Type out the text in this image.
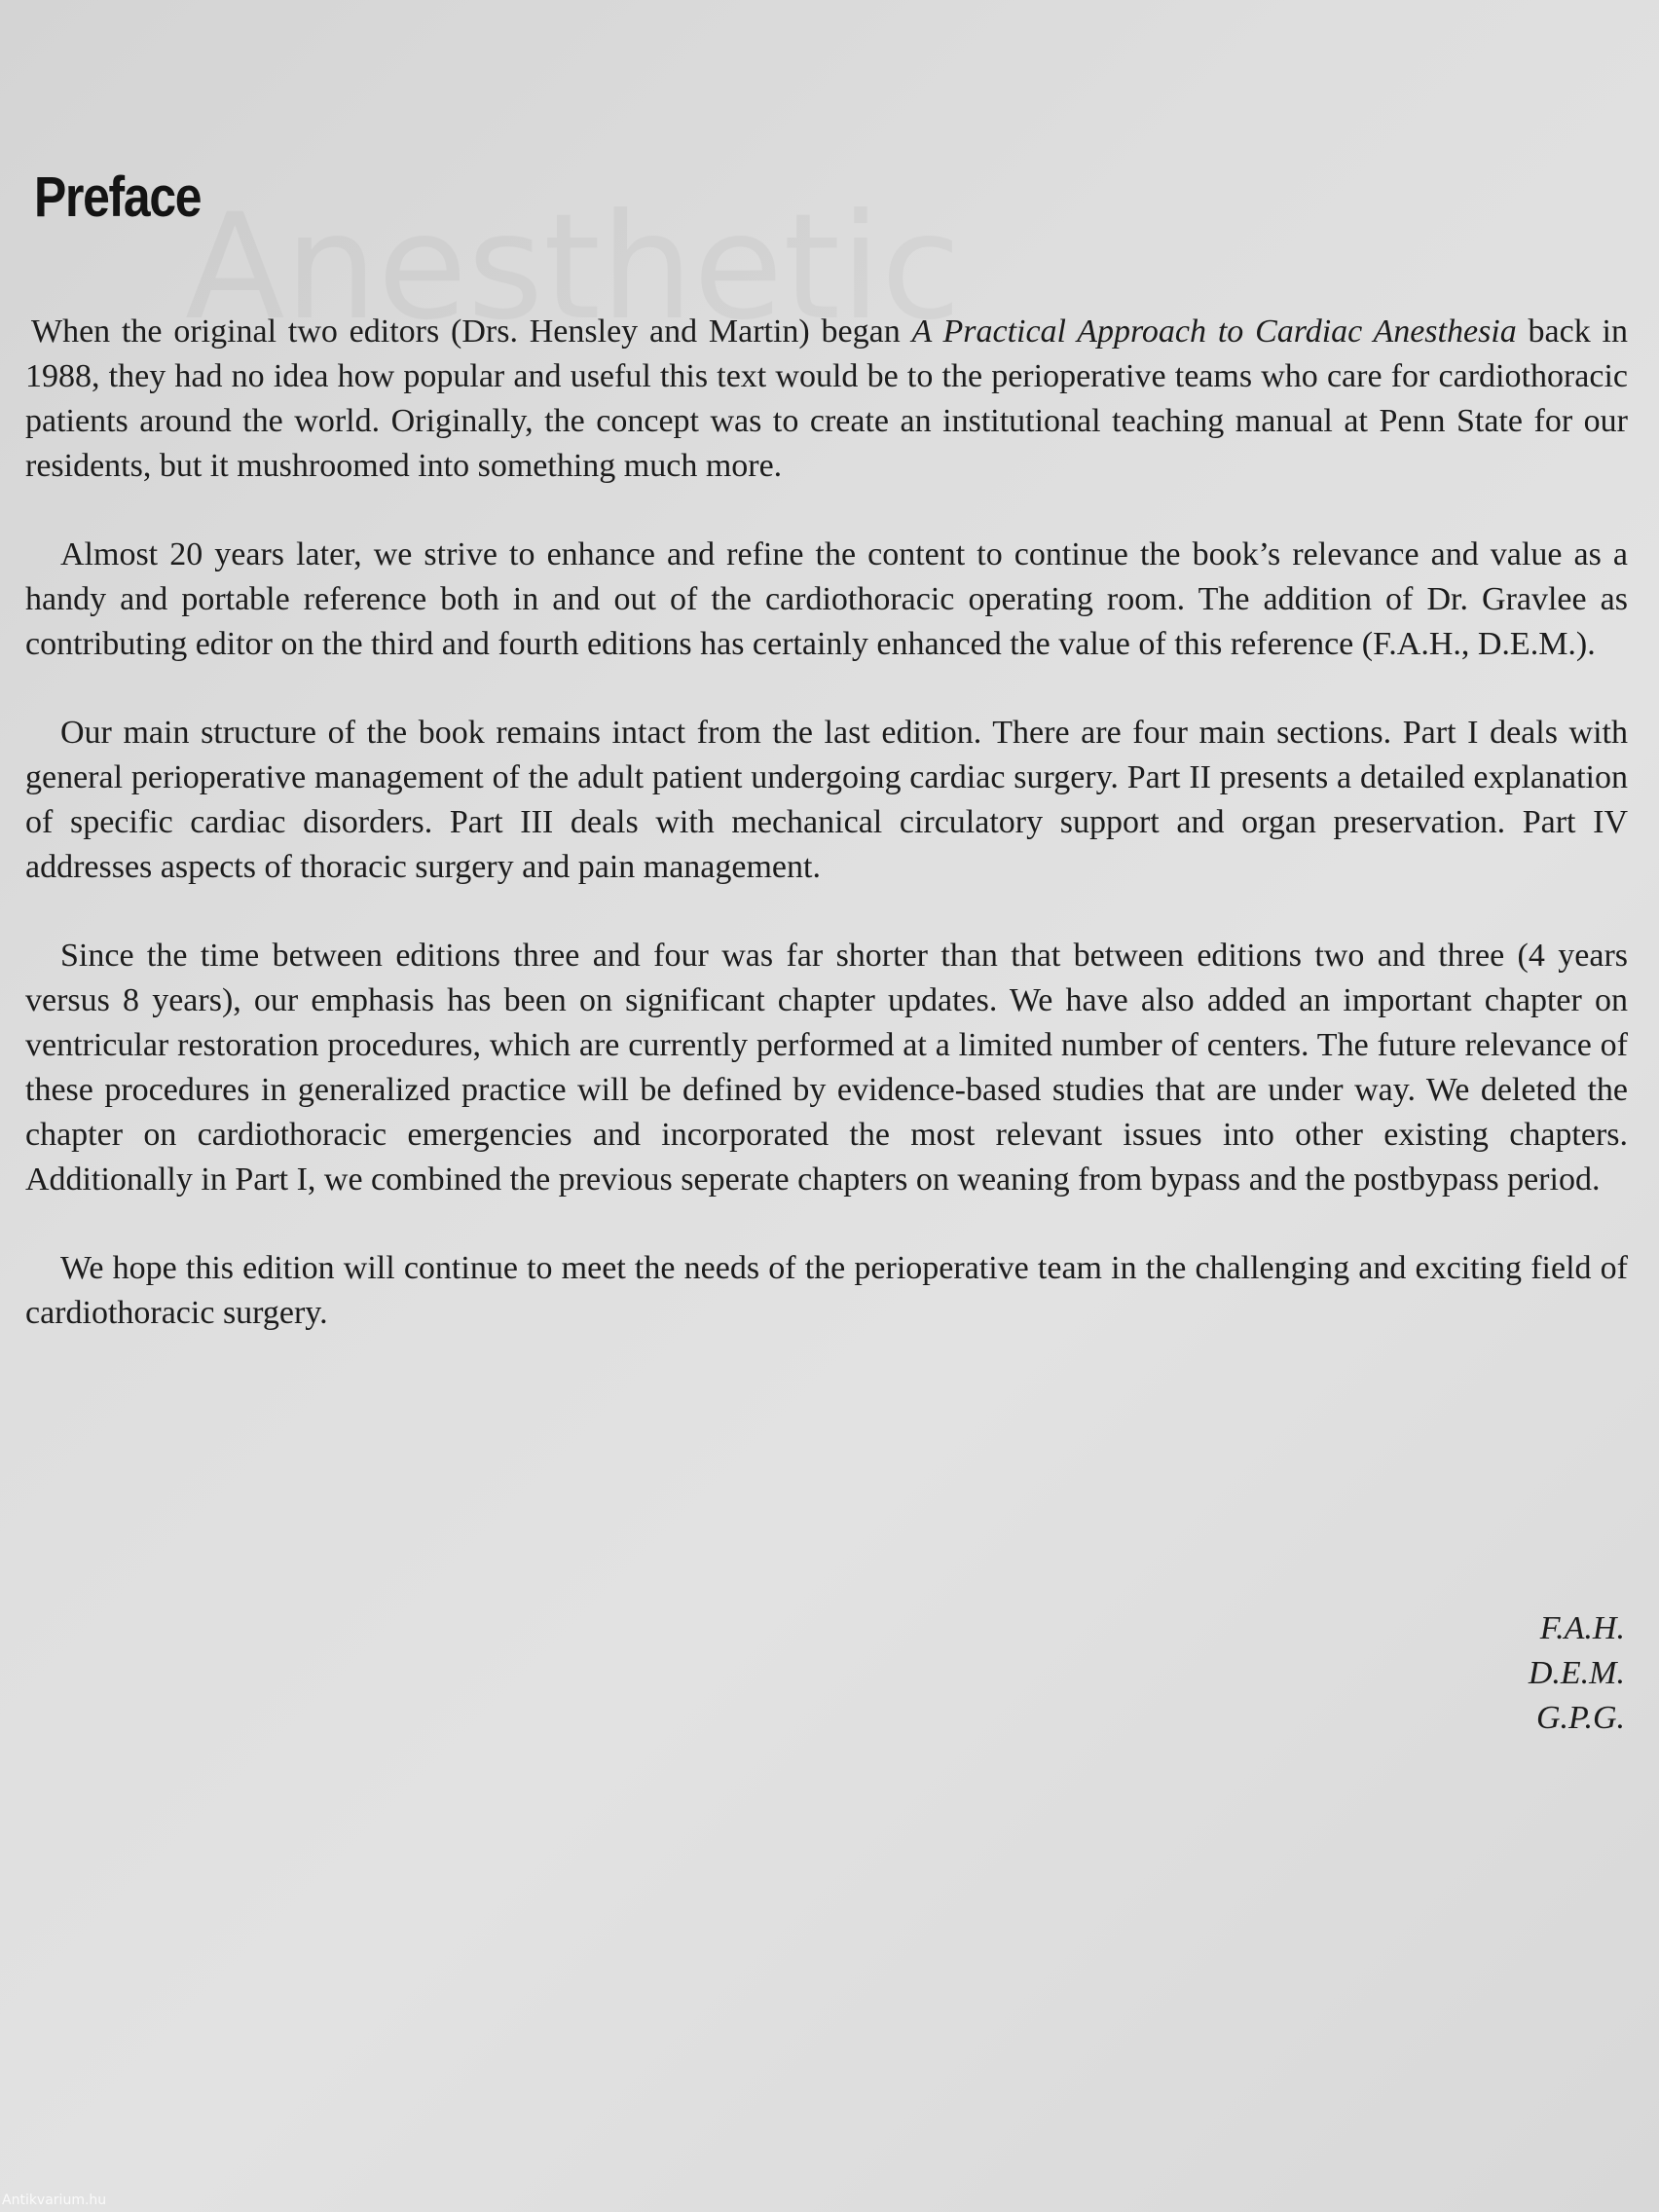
Preface

When the original two editors (Drs. Hensley and Martin) began A Practical Approach to Cardiac Anesthesia back in 1988, they had no idea how popular and useful this text would be to the perioperative teams who care for cardiothoracic patients around the world. Originally, the concept was to create an institutional teaching manual at Penn State for our residents, but it mushroomed into something much more.

Almost 20 years later, we strive to enhance and refine the content to continue the book’s relevance and value as a handy and portable reference both in and out of the cardiothoracic operating room. The addition of Dr. Gravlee as contributing editor on the third and fourth editions has certainly enhanced the value of this reference (F.A.H., D.E.M.).

Our main structure of the book remains intact from the last edition. There are four main sections. Part I deals with general perioperative management of the adult patient undergoing cardiac surgery. Part II presents a detailed explanation of specific cardiac disorders. Part III deals with mechanical circulatory support and organ preservation. Part IV addresses aspects of thoracic surgery and pain management.

Since the time between editions three and four was far shorter than that between editions two and three (4 years versus 8 years), our emphasis has been on significant chapter updates. We have also added an important chapter on ventricular restoration procedures, which are currently performed at a limited number of centers. The future relevance of these procedures in generalized practice will be defined by evidence-based studies that are under way. We deleted the chapter on cardiothoracic emergencies and incorporated the most relevant issues into other existing chapters. Additionally in Part I, we combined the previous seperate chapters on weaning from bypass and the postbypass period.

We hope this edition will continue to meet the needs of the perioperative team in the challenging and exciting field of cardiothoracic surgery.

F.A.H.
D.E.M.
G.P.G.
Antikvarium.hu
